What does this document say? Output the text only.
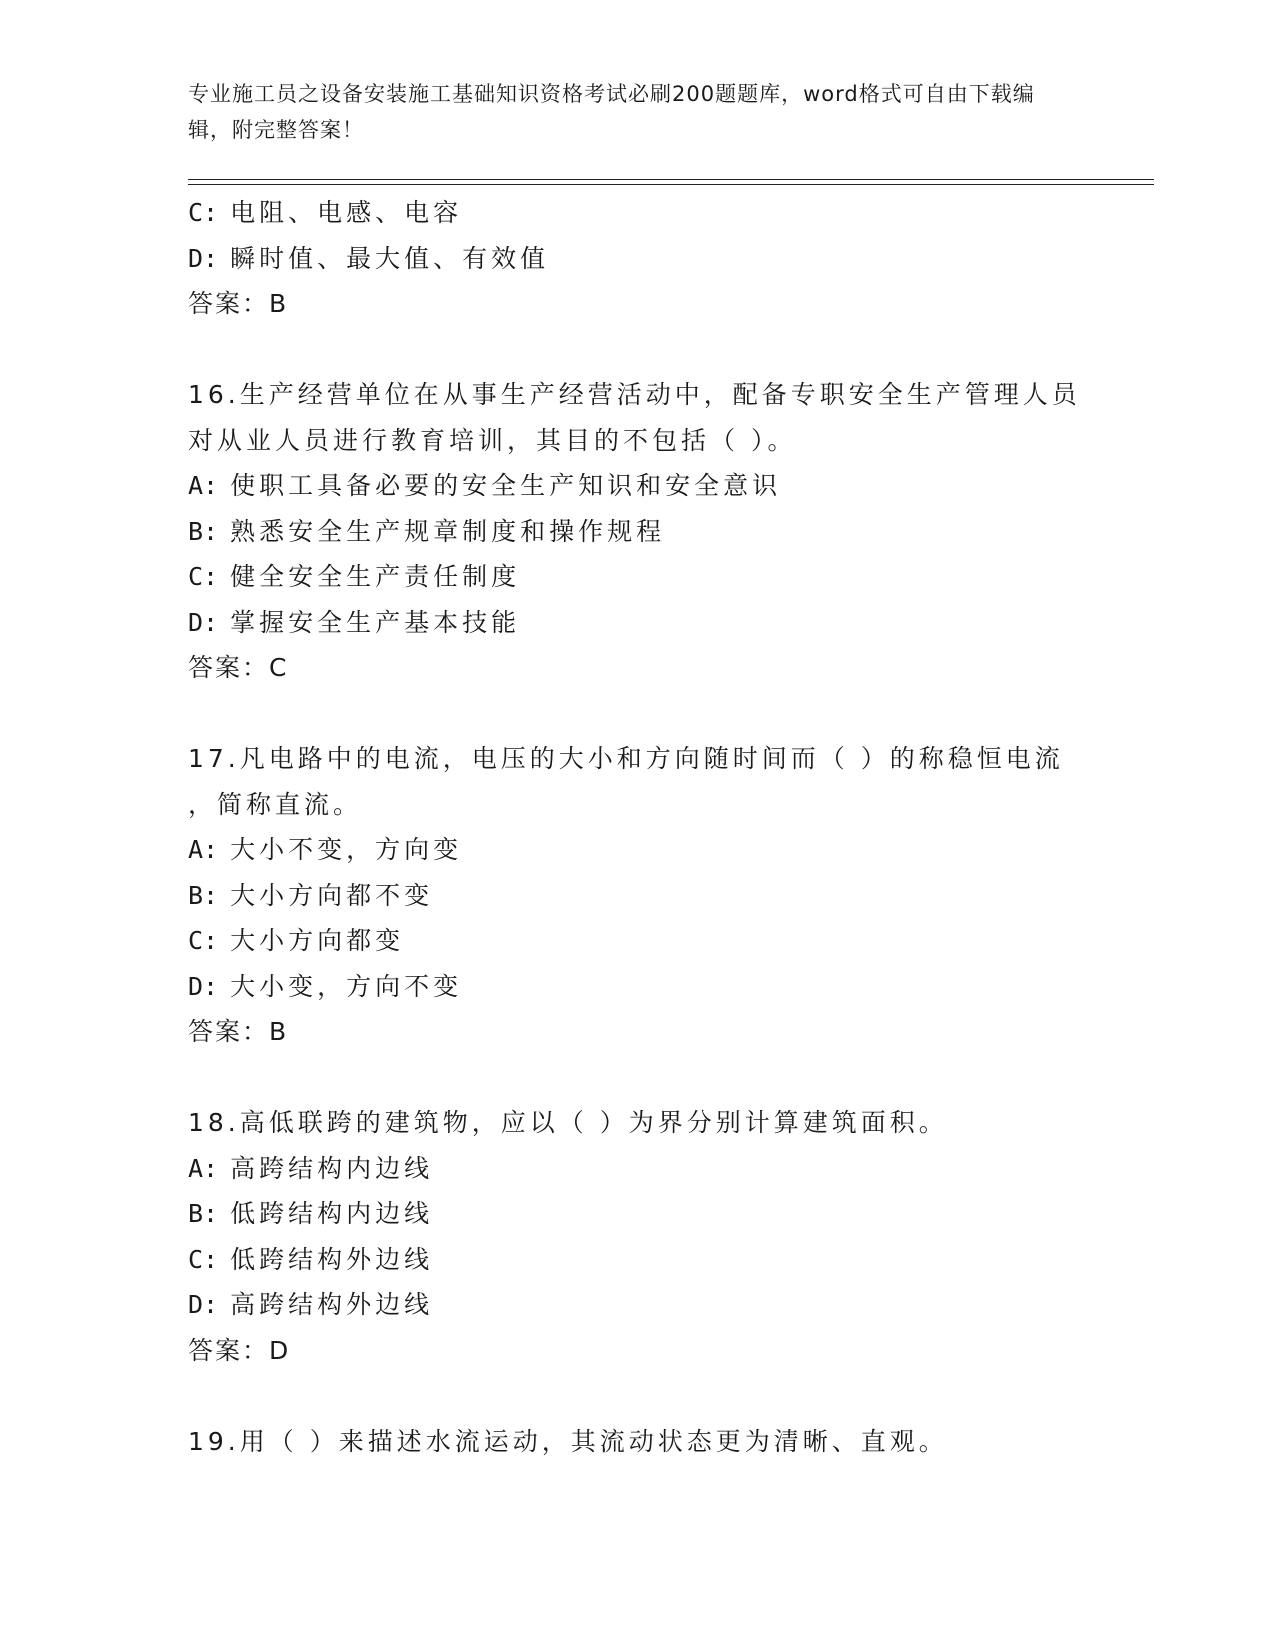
专业施工员之设备安装施工基础知识资格考试必刷200题题库，word格式可自由下载编辑，附完整答案！
C: 电阻、电感、电容
D: 瞬时值、最大值、有效值
答案：B
16.生产经营单位在从事生产经营活动中，配备专职安全生产管理人员
对从业人员进行教育培训，其目的不包括（ ）。
A: 使职工具备必要的安全生产知识和安全意识
B: 熟悉安全生产规章制度和操作规程
C: 健全安全生产责任制度
D: 掌握安全生产基本技能
答案：C
17.凡电路中的电流，电压的大小和方向随时间而（ ）的称稳恒电流
，简称直流。
A: 大小不变，方向变
B: 大小方向都不变
C: 大小方向都变
D: 大小变，方向不变
答案：B
18.高低联跨的建筑物，应以（ ）为界分别计算建筑面积。
A: 高跨结构内边线
B: 低跨结构内边线
C: 低跨结构外边线
D: 高跨结构外边线
答案：D
19.用（ ）来描述水流运动，其流动状态更为清晰、直观。
